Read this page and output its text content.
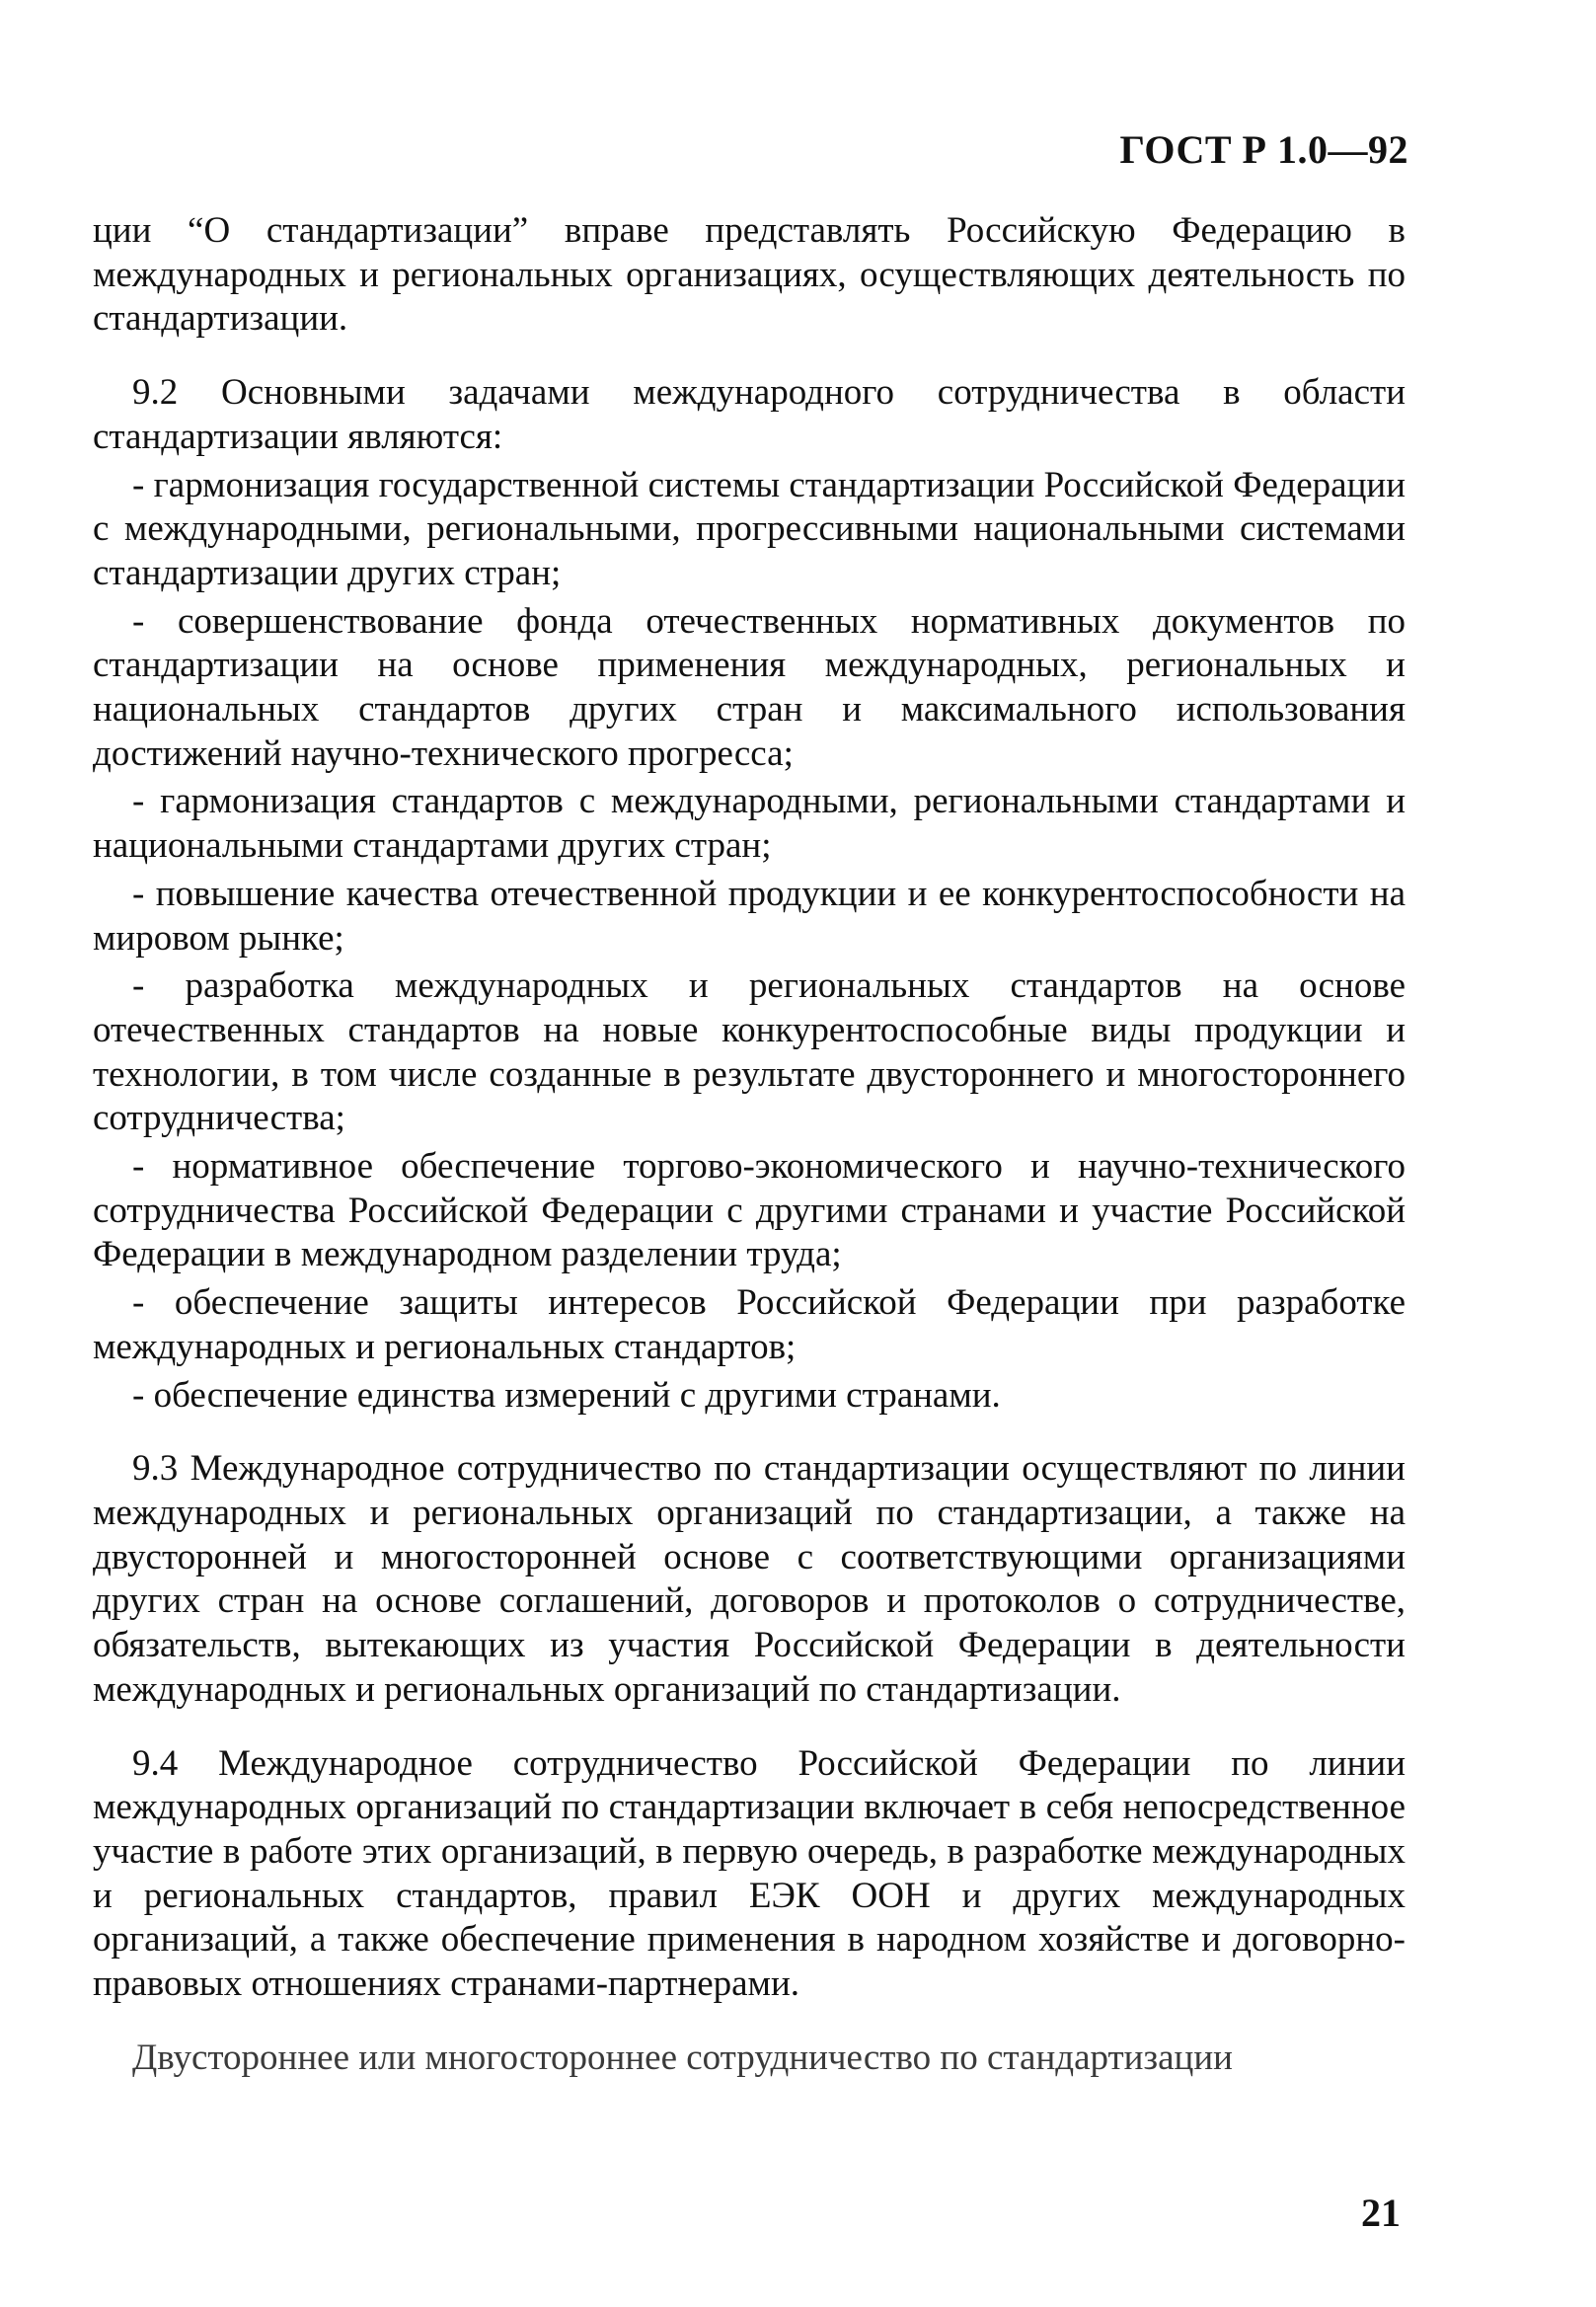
ГОСТ Р 1.0—92

ции “О стандартизации” вправе представлять Российскую Федерацию в международных и региональных организациях, осуществляющих деятельность по стандартизации.

9.2 Основными задачами международного сотрудничества в области стандартизации являются:

- гармонизация государственной системы стандартизации Российской Федерации с международными, региональными, прогрессивными национальными системами стандартизации других стран;

- совершенствование фонда отечественных нормативных документов по стандартизации на основе применения международных, региональных и национальных стандартов других стран и максимального использования достижений научно-технического прогресса;

- гармонизация стандартов с международными, региональными стандартами и национальными стандартами других стран;

- повышение качества отечественной продукции и ее конкурентоспособности на мировом рынке;

- разработка международных и региональных стандартов на основе отечественных стандартов на новые конкурентоспособные виды продукции и технологии, в том числе созданные в результате двустороннего и многостороннего сотрудничества;

- нормативное обеспечение торгово-экономического и научно-технического сотрудничества Российской Федерации с другими странами и участие Российской Федерации в международном разделении труда;

- обеспечение защиты интересов Российской Федерации при разработке международных и региональных стандартов;

- обеспечение единства измерений с другими странами.

9.3 Международное сотрудничество по стандартизации осуществляют по линии международных и региональных организаций по стандартизации, а также на двусторонней и многосторонней основе с соответствующими организациями других стран на основе соглашений, договоров и протоколов о сотрудничестве, обязательств, вытекающих из участия Российской Федерации в деятельности международных и региональных организаций по стандартизации.

9.4 Международное сотрудничество Российской Федерации по линии международных организаций по стандартизации включает в себя непосредственное участие в работе этих организаций, в первую очередь, в разработке международных и региональных стандартов, правил ЕЭК ООН и других международных организаций, а также обеспечение применения в народном хозяйстве и договорно-правовых отношениях странами-партнерами.

Двустороннее или многостороннее сотрудничество по стандартизации

21
